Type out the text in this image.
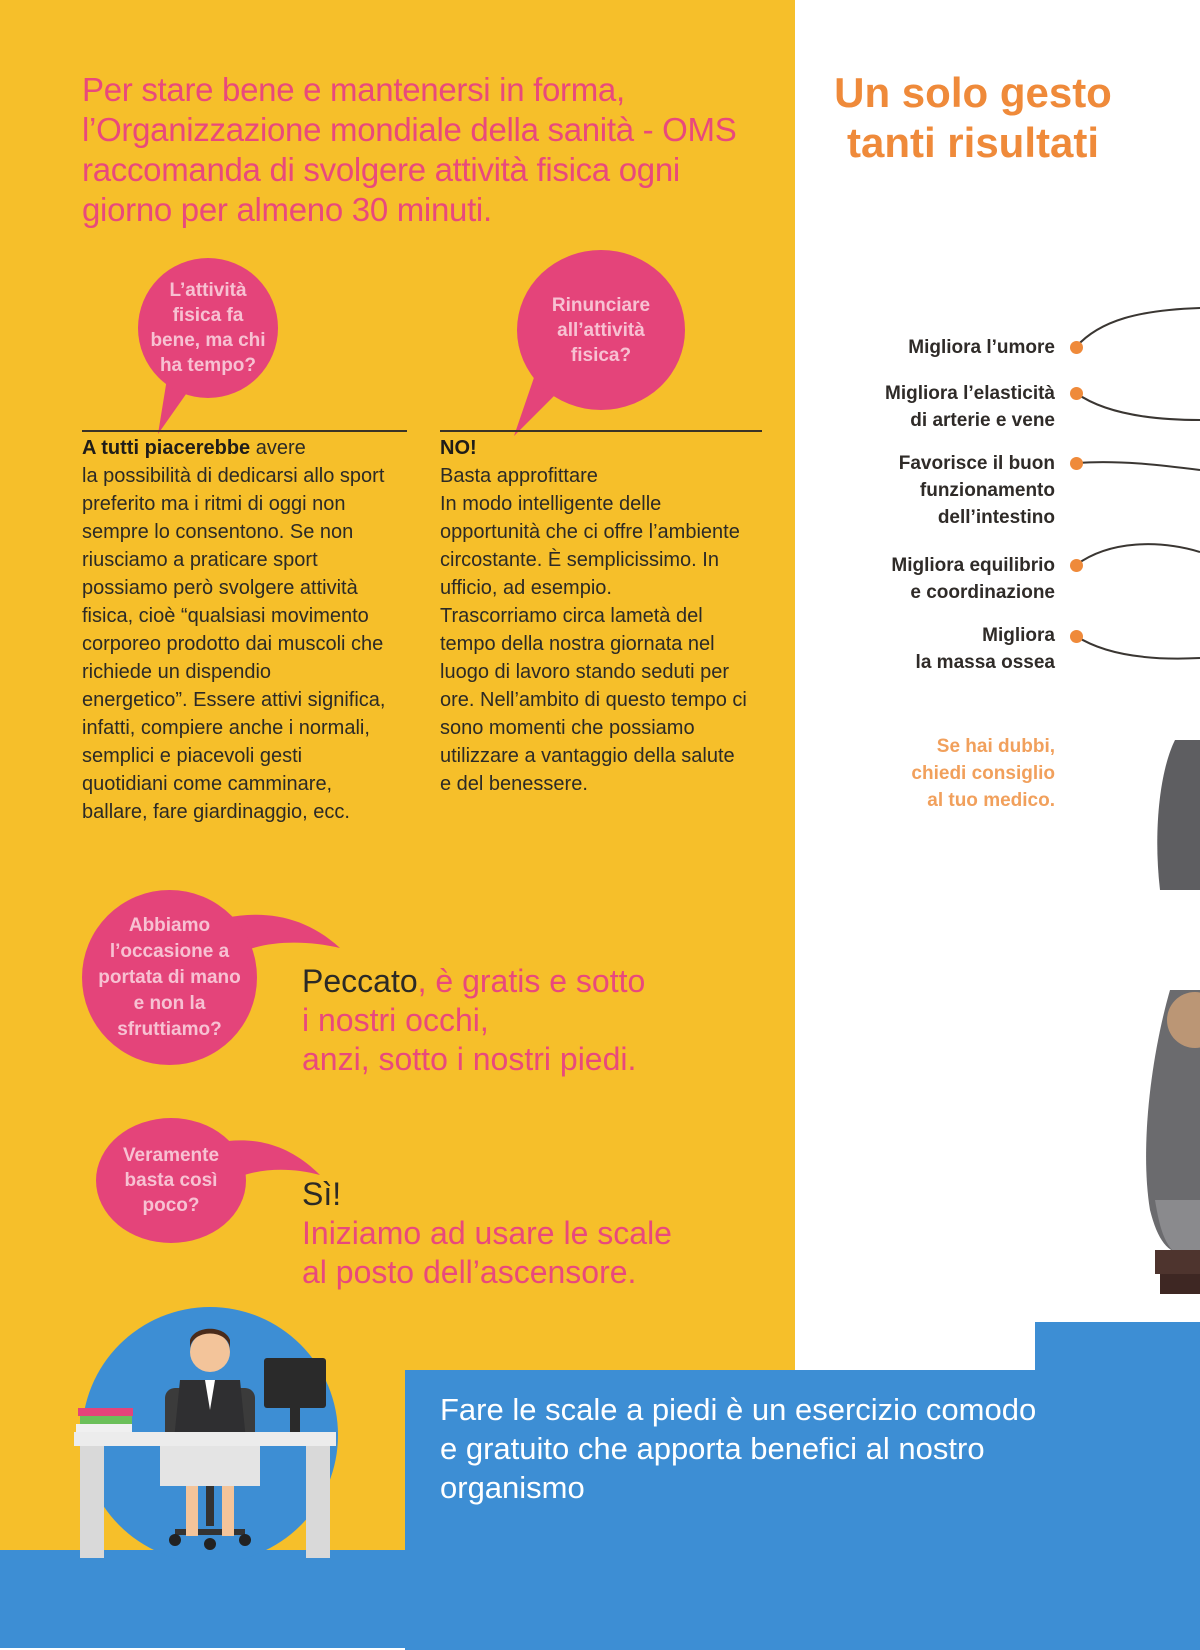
Per stare bene e mantenersi in forma,
l’Organizzazione mondiale della sanità - OMS
raccomanda di svolgere attività fisica ogni
giorno per almeno 30 minuti.
L’attività
fisica fa
bene, ma chi
ha tempo?
Rinunciare
all’attività
fisica?
A tutti piacerebbe avere
la possibilità di dedicarsi allo sport
preferito ma i ritmi di oggi non
sempre lo consentono. Se non
riusciamo a praticare sport
possiamo però svolgere attività
fisica, cioè “qualsiasi movimento
corporeo prodotto dai muscoli che
richiede un dispendio
energetico”. Essere attivi significa,
infatti, compiere anche i normali,
semplici e piacevoli gesti
quotidiani come camminare,
ballare, fare giardinaggio, ecc.
NO!
Basta approfittare
In modo intelligente delle
opportunità che ci offre l’ambiente
circostante. È semplicissimo. In
ufficio, ad esempio.
Trascorriamo circa lametà del
tempo della nostra giornata nel
luogo di lavoro stando seduti per
ore. Nell’ambito di questo tempo ci
sono momenti che possiamo
utilizzare a vantaggio della salute
e del benessere.
Abbiamo
l’occasione a
portata di mano
e non la
sfruttiamo?
Peccato, è gratis e sotto
i nostri occhi,
anzi, sotto i nostri piedi.
Veramente
basta così
poco?	Sì!
Iniziamo ad usare le scale
al posto dell’ascensore.
Un solo gesto
tanti risultati
Migliora l’umore
Migliora l’elasticità
di arterie e vene
Favorisce il buon
funzionamento
dell’intestino
Migliora equilibrio
e coordinazione
Migliora
la massa ossea
Se hai dubbi,
chiedi consiglio
al tuo medico.
Fare le scale a piedi è un esercizio comodo
e gratuito che apporta benefici al nostro
organismo
